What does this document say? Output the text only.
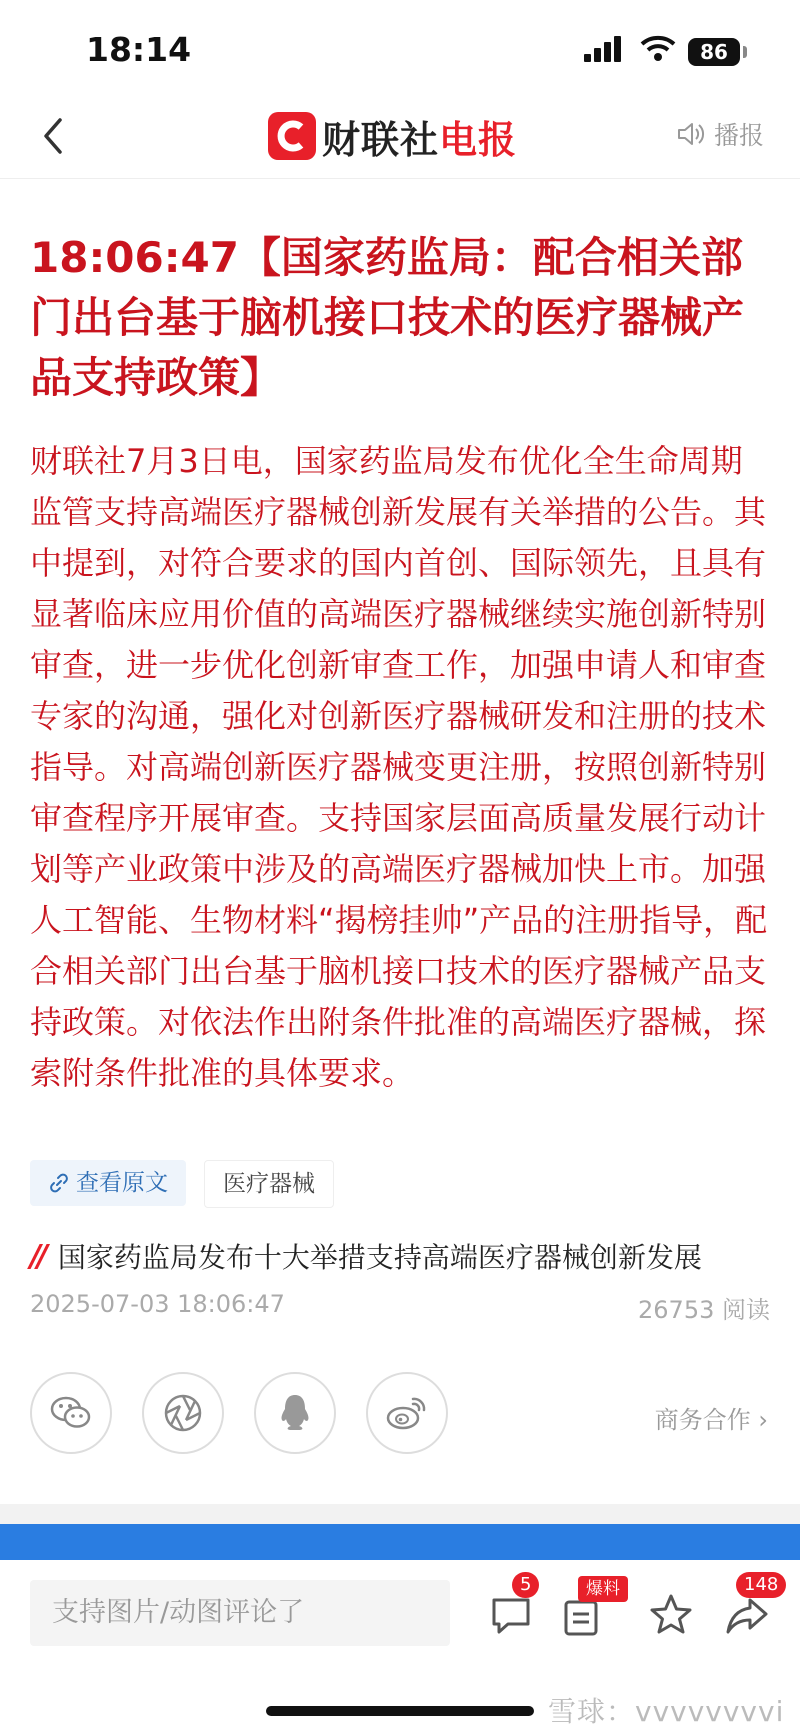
18:14	86
财联社电报	播报
18:06:47【国家药监局：配合相关部门出台基于脑机接口技术的医疗器械产品支持政策】

财联社7月3日电，国家药监局发布优化全生命周期监管支持高端医疗器械创新发展有关举措的公告。其中提到，对符合要求的国内首创、国际领先，且具有显著临床应用价值的高端医疗器械继续实施创新特别审查，进一步优化创新审查工作，加强申请人和审查专家的沟通，强化对创新医疗器械研发和注册的技术指导。对高端创新医疗器械变更注册，按照创新特别审查程序开展审查。支持国家层面高质量发展行动计划等产业政策中涉及的高端医疗器械加快上市。加强人工智能、生物材料“揭榜挂帅”产品的注册指导，配合相关部门出台基于脑机接口技术的医疗器械产品支持政策。对依法作出附条件批准的高端医疗器械，探索附条件批准的具体要求。

查看原文	医疗器械
// 国家药监局发布十大举措支持高端医疗器械创新发展
2025-07-03 18:06:47	26753 阅读
商务合作 ›
支持图片/动图评论了
5	爆料	148
雪球：vvvvvvvvi
